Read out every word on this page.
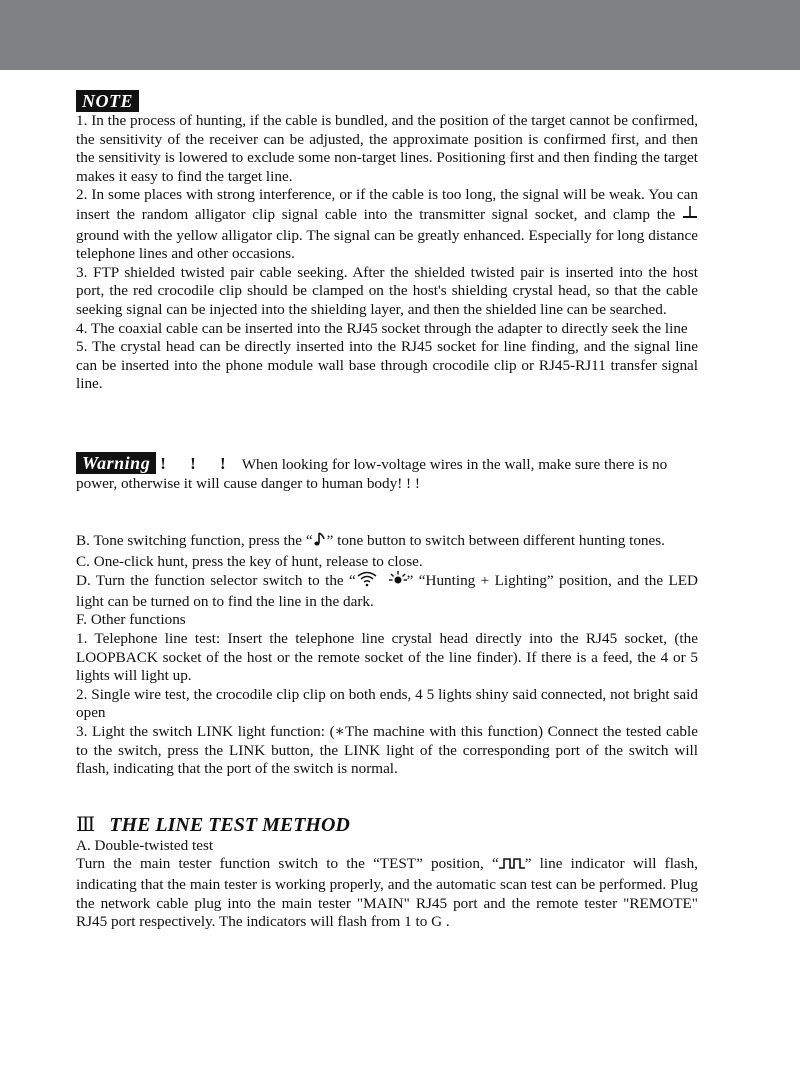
NOTE

1. In the process of hunting, if the cable is bundled, and the position of the target cannot be confirmed, the sensitivity of the receiver can be adjusted, the approximate position is confirmed first, and then the sensitivity is lowered to exclude some non-target lines. Positioning first and then finding the target makes it easy to find the target line.

2. In some places with strong interference, or if the cable is too long, the signal will be weak. You can insert the random alligator clip signal cable into the transmitter signal socket, and clamp the  ground with the yellow alligator clip. The signal can be greatly enhanced. Especially for long distance telephone lines and other occasions.

3. FTP shielded twisted pair cable seeking. After the shielded twisted pair is inserted into the host port, the red crocodile clip should be clamped on the host's shielding crystal head, so that the cable seeking signal can be injected into the shielding layer, and then the shielded line can be searched.

4. The coaxial cable can be inserted into the RJ45 socket through the adapter to directly seek the line

5. The crystal head can be directly inserted into the RJ45 socket for line finding, and the signal line can be inserted into the phone module wall base through crocodile clip or RJ45-RJ11 transfer signal line.

Warning ! ! ! When looking for low-voltage wires in the wall, make sure there is no power, otherwise it will cause danger to human body! ! !

B. Tone switching function, press the “ ” tone button to switch between different hunting tones.

C. One-click hunt, press the key of hunt, release to close.

D. Turn the function selector switch to the “	” “Hunting + Lighting” position, and the LED light can be turned on to find the line in the dark.

F. Other functions

1. Telephone line test: Insert the telephone line crystal head directly into the RJ45 socket, (the LOOPBACK socket of the host or the remote socket of the line finder). If there is a feed, the 4 or 5 lights will light up.

2. Single wire test, the crocodile clip clip on both ends, 4 5 lights shiny said connected, not bright said open

3. Light the switch LINK light function: (∗The machine with this function) Connect the tested cable to the switch, press the LINK button, the LINK light of the corresponding port of the switch will flash, indicating that the port of the switch is normal.

Ⅲ THE LINE TEST METHOD

A. Double-twisted test

Turn the main tester function switch to the “TEST” position, “ ” line indicator will flash, indicating that the main tester is working properly, and the automatic scan test can be performed. Plug the network cable plug into the main tester "MAIN" RJ45 port and the remote tester "REMOTE" RJ45 port respectively. The indicators will flash from 1 to G .
